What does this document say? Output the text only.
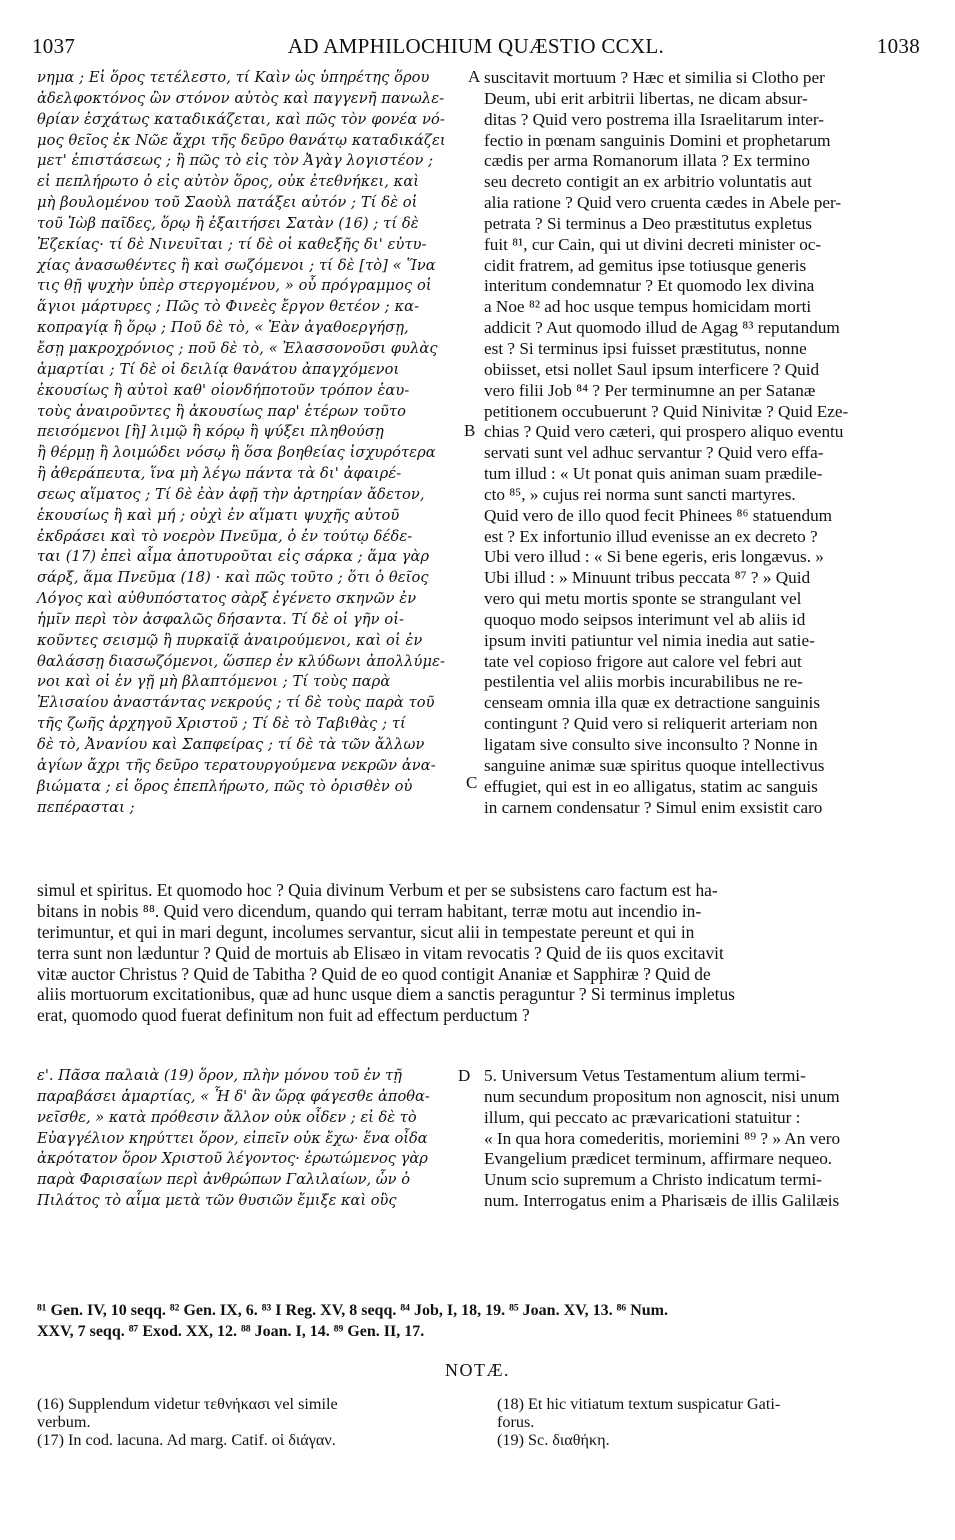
1037	AD AMPHILOCHIUM QUÆSTIO CCXL.	1038
νημα ; Εἰ ὅρος τετέλεστο, τί Καὶν ὡς ὑπηρέτης ὅρου
ἀδελφοκτόνος ὢν στόνον αὐτὸς καὶ παγγενῆ πανωλε-
θρίαν ἐσχάτως καταδικάζεται, καὶ πῶς τὸν φονέα νό-
μος θεῖος ἐκ Νῶε ἄχρι τῆς δεῦρο θανάτῳ καταδικάζει
μετ' ἐπιστάσεως ; ἢ πῶς τὸ εἰς τὸν Ἀγὰγ λογιστέον ;
εἰ πεπλήρωτο ὁ εἰς αὐτὸν ὅρος, οὐκ ἐτεθνήκει, καὶ
μὴ βουλομένου τοῦ Σαοὺλ πατάξει αὐτόν ; Τί δὲ οἱ
τοῦ Ἰὼβ παῖδες, ὅρῳ ἢ ἐξαιτήσει Σατὰν (16) ; τί δὲ
Ἐζεκίας· τί δὲ Νινευῖται ; τί δὲ οἱ καθεξῆς δι' εὐτυ-
χίας ἀνασωθέντες ἢ καὶ σωζόμενοι ; τί δὲ [τὸ] « Ἵνα
τις θῇ ψυχὴν ὑπὲρ στεργομένου, » οὗ πρόγραμμος οἱ
ἅγιοι μάρτυρες ; Πῶς τὸ Φινεὲς ἔργον θετέον ; κα-
κοπραγίᾳ ἢ ὅρῳ ; Ποῦ δὲ τὸ, « Ἐὰν ἀγαθοεργήσῃ,
ἔσῃ μακροχρόνιος ; ποῦ δὲ τὸ, « Ἐλασσονοῦσι φυλὰς
ἁμαρτίαι ; Τί δὲ οἱ δειλίᾳ θανάτου ἀπαγχόμενοι
ἑκουσίως ἢ αὐτοὶ καθ' οἱονδήποτοῦν τρόπον ἑαυ-
τοὺς ἀναιροῦντες ἢ ἀκουσίως παρ' ἑτέρων τοῦτο
πεισόμενοι [ἢ] λιμῷ ἢ κόρῳ ἢ ψύξει πληθούσῃ
ἢ θέρμῃ ἢ λοιμώδει νόσῳ ἢ ὅσα βοηθείας ἰσχυρότερα
ἢ ἀθεράπευτα, ἵνα μὴ λέγω πάντα τὰ δι' ἀφαιρέ-
σεως αἵματος ; Τί δὲ ἐὰν ἀφῇ τὴν ἀρτηρίαν ἄδετον,
ἑκουσίως ἢ καὶ μή ; οὐχὶ ἐν αἵματι ψυχῆς αὐτοῦ
ἐκδράσει καὶ τὸ νοερὸν Πνεῦμα, ὁ ἐν τούτῳ δέδε-
ται (17) ἐπεὶ αἷμα ἀποτυροῦται εἰς σάρκα ; ἅμα γὰρ
σάρξ, ἅμα Πνεῦμα (18) · καὶ πῶς τοῦτο ; ὅτι ὁ θεῖος
Λόγος καὶ αὐθυπόστατος σὰρξ ἐγένετο σκηνῶν ἐν
ἡμῖν περὶ τὸν ἀσφαλῶς δήσαντα. Τί δὲ οἱ γῆν οἰ-
κοῦντες σεισμῷ ἢ πυρκαϊᾷ ἀναιρούμενοι, καὶ οἱ ἐν
θαλάσσῃ διασωζόμενοι, ὥσπερ ἐν κλύδωνι ἀπολλύμε-
νοι καὶ οἱ ἐν γῇ μὴ βλαπτόμενοι ; Τί τοὺς παρὰ
Ἐλισαίου ἀναστάντας νεκρούς ; τί δὲ τοὺς παρὰ τοῦ
τῆς ζωῆς ἀρχηγοῦ Χριστοῦ ; Τί δὲ τὸ Ταβιθὰς ; τί
δὲ τὸ, Ἀνανίου καὶ Σαπφείρας ; τί δὲ τὰ τῶν ἄλλων
ἁγίων ἄχρι τῆς δεῦρο τερατουργούμενα νεκρῶν ἀνα-
βιώματα ; εἰ ὅρος ἐπεπλήρωτο, πῶς τὸ ὁρισθὲν οὐ
πεπέρασται ;
suscitavit mortuum ? Hæc et similia si Clotho per
Deum, ubi erit arbitrii libertas, ne dicam absur-
ditas ? Quid vero postrema illa Israelitarum inter-
fectio in pœnam sanguinis Domini et prophetarum
cædis per arma Romanorum illata ? Ex termino
seu decreto contigit an ex arbitrio voluntatis aut
alia ratione ? Quid vero cruenta cædes in Abele per-
petrata ? Si terminus a Deo præstitutus expletus
fuit ⁸¹, cur Cain, qui ut divini decreti minister oc-
cidit fratrem, ad gemitus ipse totiusque generis
interitum condemnatur ? Et quomodo lex divina
a Noe ⁸² ad hoc usque tempus homicidam morti
addicit ? Aut quomodo illud de Agag ⁸³ reputandum
est ? Si terminus ipsi fuisset præstitutus, nonne
obiisset, etsi nollet Saul ipsum interficere ? Quid
vero filii Job ⁸⁴ ? Per terminumne an per Satanæ
petitionem occubuerunt ? Quid Ninivitæ ? Quid Eze-
chias ? Quid vero cæteri, qui prospero aliquo eventu
servati sunt vel adhuc servantur ? Quid vero effa-
tum illud : « Ut ponat quis animan suam prædile-
cto ⁸⁵, » cujus rei norma sunt sancti martyres.
Quid vero de illo quod fecit Phinees ⁸⁶ statuendum
est ? Ex infortunio illud evenisse an ex decreto ?
Ubi vero illud : « Si bene egeris, eris longævus. »
Ubi illud : » Minuunt tribus peccata ⁸⁷ ? » Quid
vero qui metu mortis sponte se strangulant vel
quoquo modo seipsos interimunt vel ab aliis id
ipsum inviti patiuntur vel nimia inedia aut satie-
tate vel copioso frigore aut calore vel febri aut
pestilentia vel aliis morbis incurabilibus ne re-
censeam omnia illa quæ ex detractione sanguinis
contingunt ? Quid vero si reliquerit arteriam non
ligatam sive consulto sive inconsulto ? Nonne in
sanguine animæ suæ spiritus quoque intellectivus
effugiet, qui est in eo alligatus, statim ac sanguis
in carnem condensatur ? Simul enim exsistit caro
A
B
C
D
simul et spiritus. Et quomodo hoc ? Quia divinum Verbum et per se subsistens caro factum est ha-
bitans in nobis ⁸⁸. Quid vero dicendum, quando qui terram habitant, terræ motu aut incendio in-
terimuntur, et qui in mari degunt, incolumes servantur, sicut alii in tempestate pereunt et qui in
terra sunt non læduntur ? Quid de mortuis ab Elisæo in vitam revocatis ? Quid de iis quos excitavit
vitæ auctor Christus ? Quid de Tabitha ? Quid de eo quod contigit Ananiæ et Sapphiræ ? Quid de
aliis mortuorum excitationibus, quæ ad hunc usque diem a sanctis peraguntur ? Si terminus impletus
erat, quomodo quod fuerat definitum non fuit ad effectum perductum ?
ε'. Πᾶσα παλαιὰ (19) ὅρον, πλὴν μόνου τοῦ ἐν τῇ
παραβάσει ἁμαρτίας, « Ἧ δ' ἂν ὥρᾳ φάγεσθε ἀποθα-
νεῖσθε, » κατὰ πρόθεσιν ἄλλον οὐκ οἶδεν ; εἰ δὲ τὸ
Εὐαγγέλιον κηρύττει ὅρον, εἰπεῖν οὐκ ἔχω· ἕνα οἶδα
ἀκρότατον ὅρον Χριστοῦ λέγοντος· ἐρωτώμενος γὰρ
παρὰ Φαρισαίων περὶ ἀνθρώπων Γαλιλαίων, ὧν ὁ
Πιλάτος τὸ αἷμα μετὰ τῶν θυσιῶν ἔμιξε καὶ οὓς
5. Universum Vetus Testamentum alium termi-
num secundum propositum non agnoscit, nisi unum
illum, qui peccato ac prævaricationi statuitur :
« In qua hora comederitis, moriemini ⁸⁹ ? » An vero
Evangelium prædicet terminum, affirmare nequeo.
Unum scio supremum a Christo indicatum termi-
num. Interrogatus enim a Pharisæis de illis Galilæis
⁸¹ Gen. IV, 10 seqq. ⁸² Gen. IX, 6. ⁸³ I Reg. XV, 8 seqq. ⁸⁴ Job, I, 18, 19. ⁸⁵ Joan. XV, 13. ⁸⁶ Num.
XXV, 7 seqq. ⁸⁷ Exod. XX, 12. ⁸⁸ Joan. I, 14. ⁸⁹ Gen. II, 17.
NOTÆ.
(16) Supplendum videtur τεθνήκασι vel simile
verbum.
(17) In cod. lacuna. Ad marg. Catif. οἱ διάγαν.
(18) Et hic vitiatum textum suspicatur Gati-
forus.
(19) Sc. διαθήκη.
